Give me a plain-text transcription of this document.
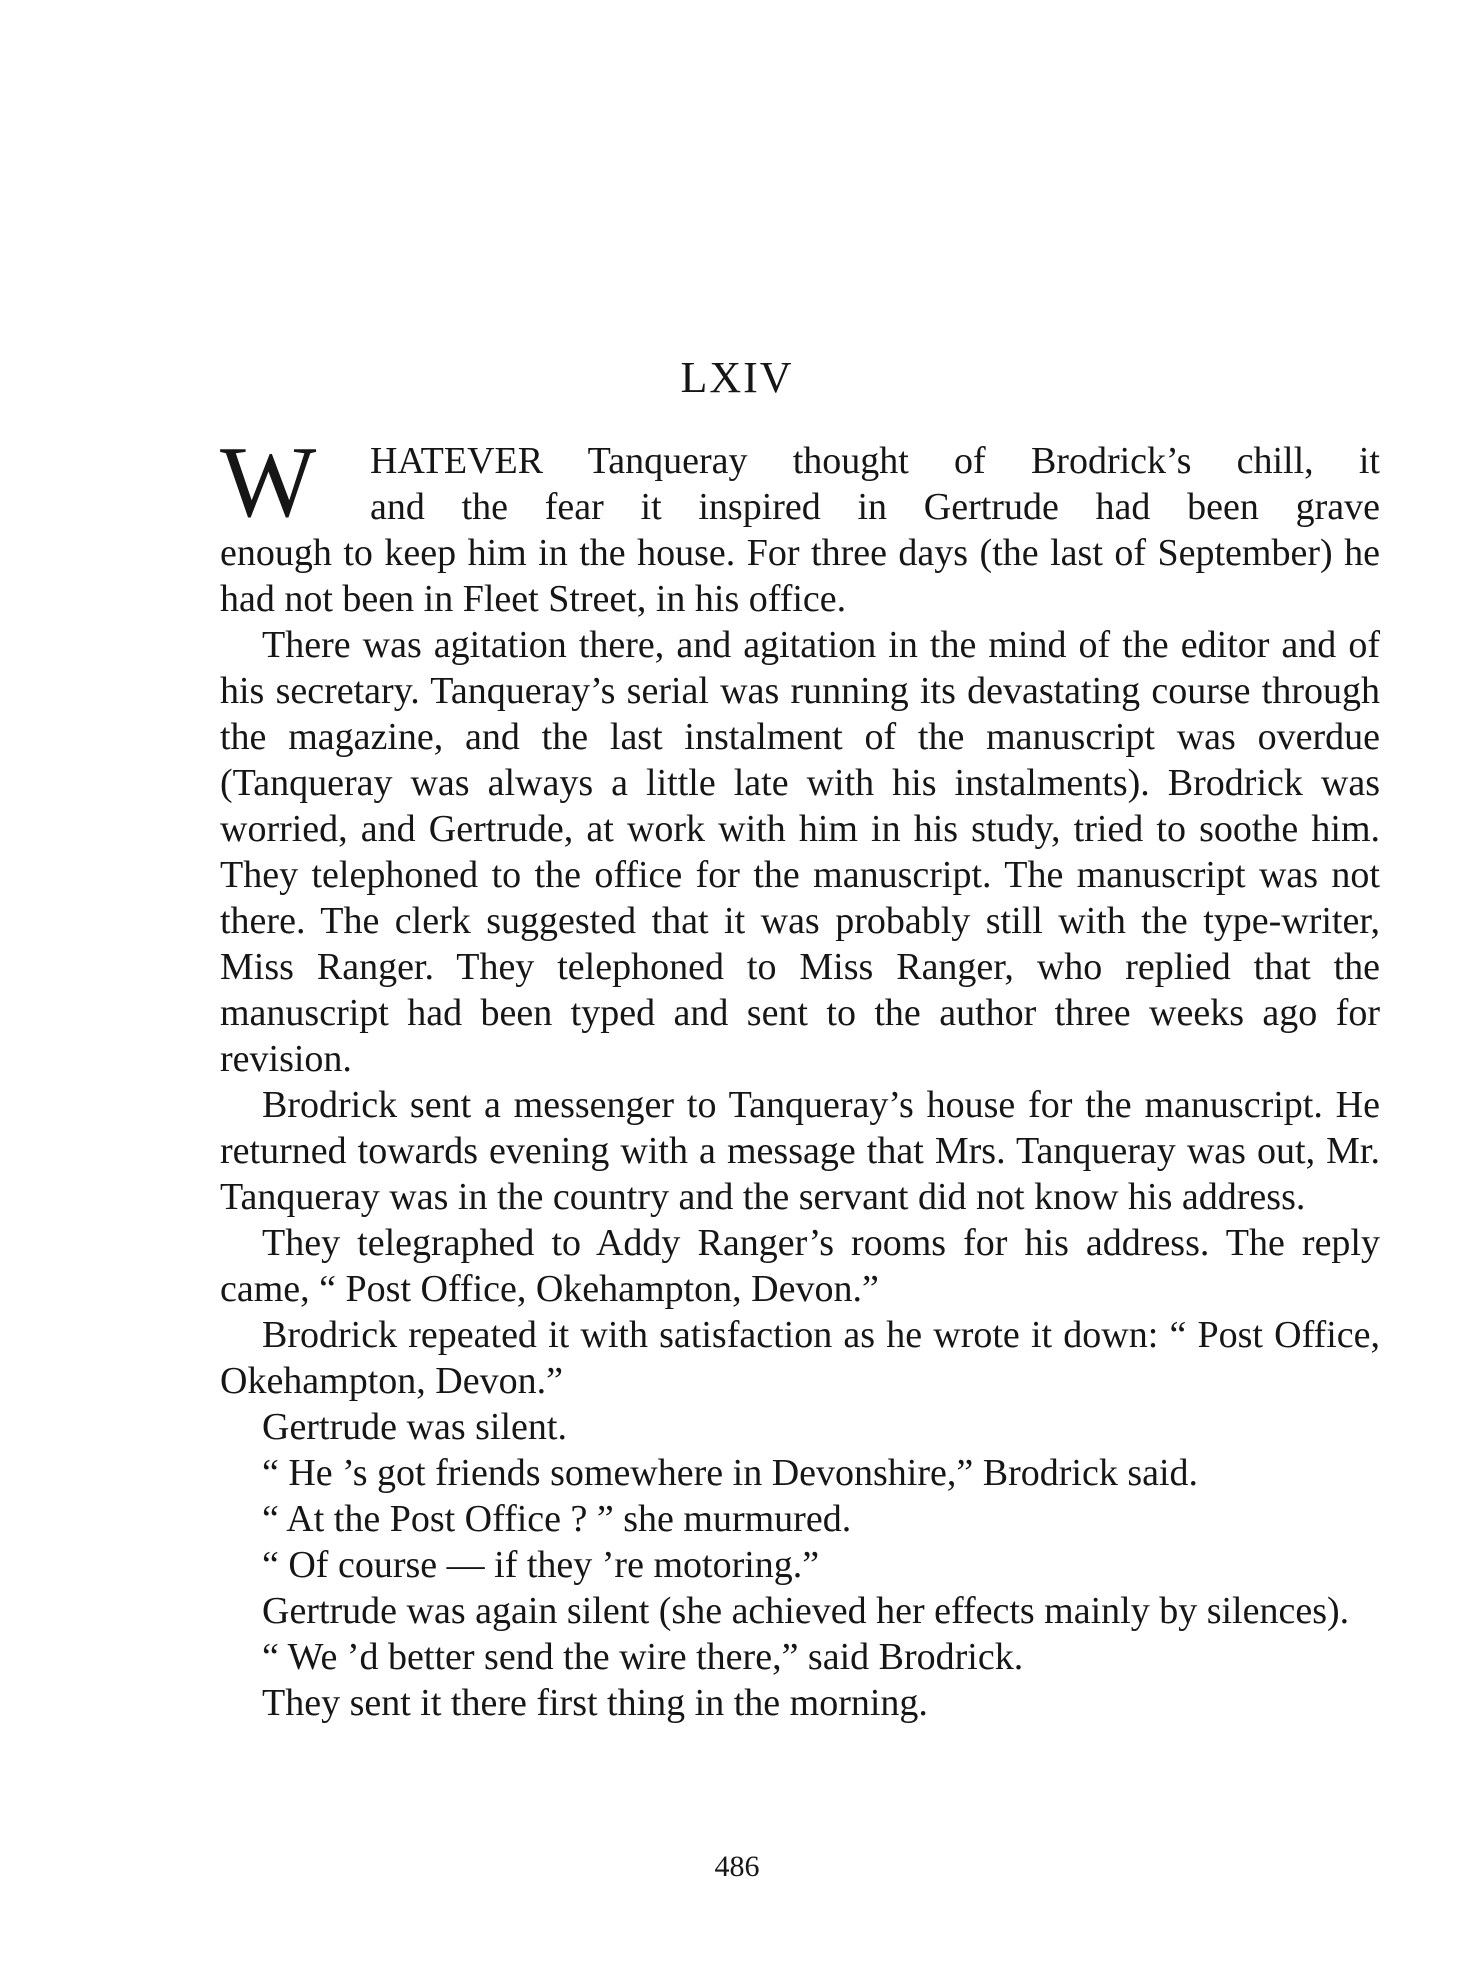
LXIV
W HATEVER Tanqueray thought of Brodrick’s chill, it
and the fear it inspired in Gertrude had been grave
enough to keep him in the house. For three days (the last of September) he had not been in Fleet Street, in his office.

There was agitation there, and agitation in the mind of the editor and of his secretary. Tanqueray’s serial was running its devastating course through the magazine, and the last instalment of the manuscript was overdue (Tanqueray was always a little late with his instalments). Brodrick was worried, and Gertrude, at work with him in his study, tried to soothe him. They telephoned to the office for the manuscript. The manuscript was not there. The clerk suggested that it was probably still with the type-writer, Miss Ranger. They telephoned to Miss Ranger, who replied that the manuscript had been typed and sent to the author three weeks ago for revision.

Brodrick sent a messenger to Tanqueray’s house for the manuscript. He returned towards evening with a message that Mrs. Tanqueray was out, Mr. Tanqueray was in the country and the servant did not know his address.

They telegraphed to Addy Ranger’s rooms for his address. The reply came, “ Post Office, Okehampton, Devon.”

Brodrick repeated it with satisfaction as he wrote it down: “ Post Office, Okehampton, Devon.”

Gertrude was silent.

“ He ’s got friends somewhere in Devonshire,” Brodrick said.

“ At the Post Office ? ” she murmured.

“ Of course — if they ’re motoring.”

Gertrude was again silent (she achieved her effects mainly by silences).

“ We ’d better send the wire there,” said Brodrick.

They sent it there first thing in the morning.

486
